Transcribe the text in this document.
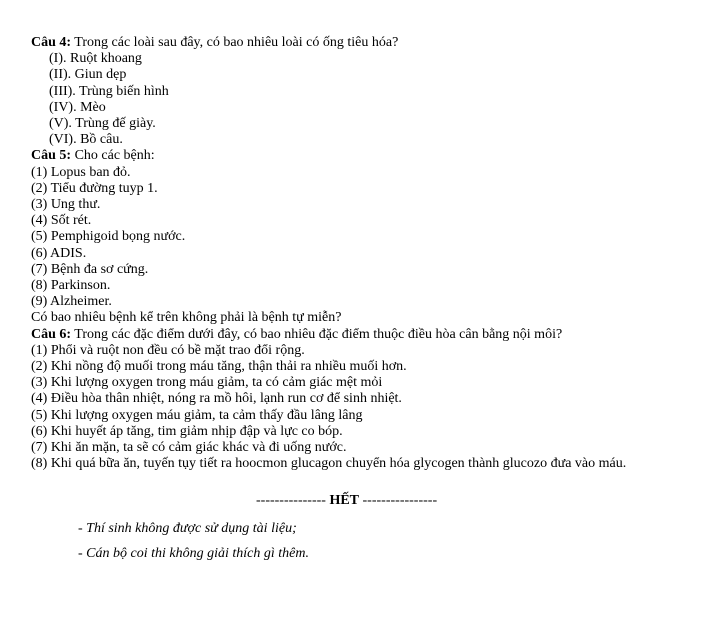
Câu 4: Trong các loài sau đây, có bao nhiêu loài có ống tiêu hóa?
(I). Ruột khoang
(II). Giun dẹp
(III). Trùng biến hình
(IV). Mèo
(V). Trùng đế giày.
(VI). Bồ câu.
Câu 5: Cho các bệnh:
(1) Lopus ban đỏ.
(2) Tiểu đường tuyp 1.
(3) Ung thư.
(4) Sốt rét.
(5) Pemphigoid bọng nước.
(6) ADIS.
(7) Bệnh đa sơ cứng.
(8) Parkinson.
(9) Alzheimer.
Có bao nhiêu bệnh kể trên không phải là bệnh tự miễn?
Câu 6: Trong các đặc điểm dưới đây, có bao nhiêu đặc điểm thuộc điều hòa cân bằng nội môi?
(1) Phổi và ruột non đều có bề mặt trao đổi rộng.
(2) Khi nồng độ muối trong máu tăng, thận thải ra nhiều muối hơn.
(3) Khi lượng oxygen trong máu giảm, ta có cảm giác mệt mỏi
(4) Điều hòa thân nhiệt, nóng ra mồ hôi, lạnh run cơ để sinh nhiệt.
(5) Khi lượng oxygen máu giảm, ta cảm thấy đầu lâng lâng
(6) Khi huyết áp tăng, tim giảm nhịp đập và lực co bóp.
(7) Khi ăn mặn, ta sẽ có cảm giác khác và đi uống nước.
(8) Khi quá bữa ăn, tuyến tụy tiết ra hoocmon glucagon chuyển hóa glycogen thành glucozo đưa vào máu.
--------------- HẾT ----------------
- Thí sinh không được sử dụng tài liệu;
- Cán bộ coi thi không giải thích gì thêm.
